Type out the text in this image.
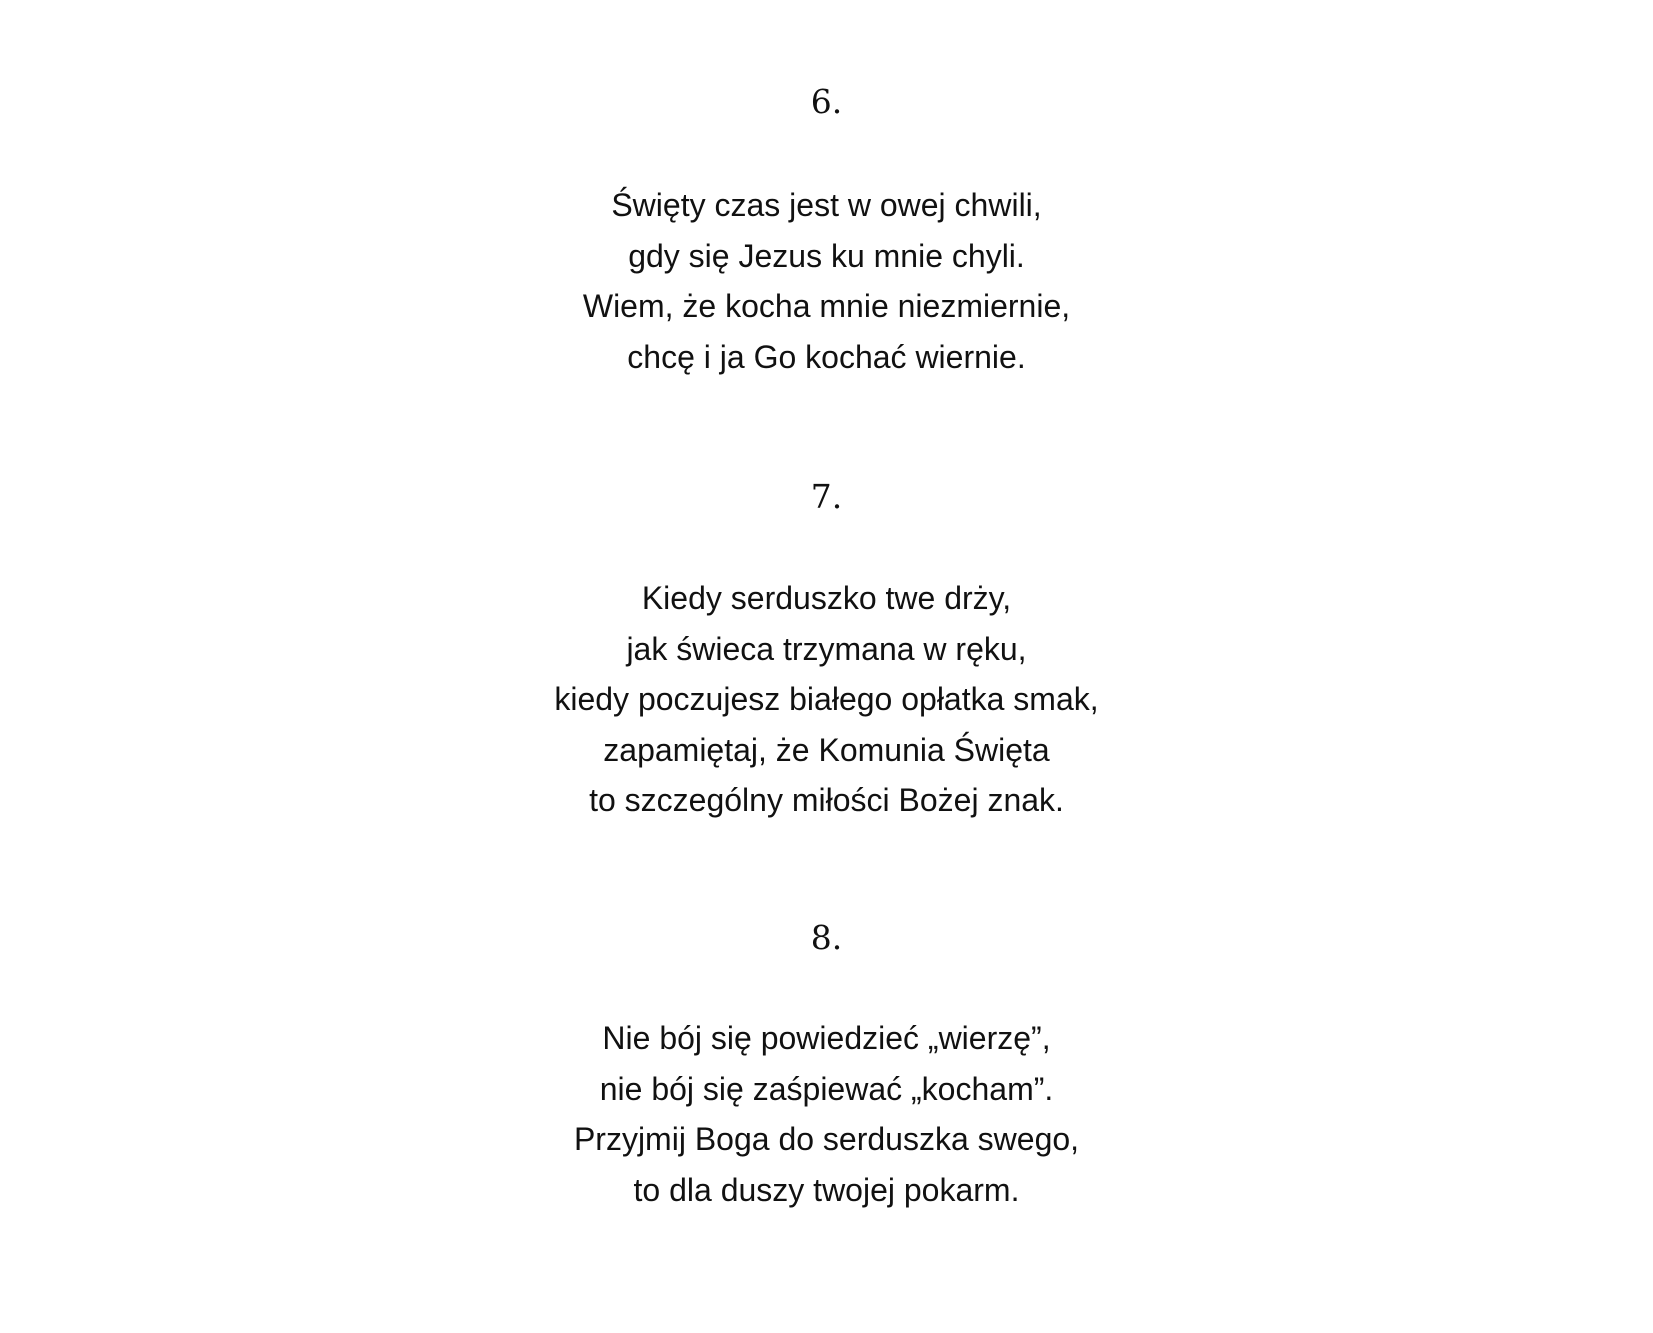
6.
Święty czas jest w owej chwili,
gdy się Jezus ku mnie chyli.
Wiem, że kocha mnie niezmiernie,
chcę i ja Go kochać wiernie.
7.
Kiedy serduszko twe drży,
jak świeca trzymana w ręku,
kiedy poczujesz białego opłatka smak,
zapamiętaj, że Komunia Święta
to szczególny miłości Bożej znak.
8.
Nie bój się powiedzieć „wierzę”,
nie bój się zaśpiewać „kocham”.
Przyjmij Boga do serduszka swego,
to dla duszy twojej pokarm.
